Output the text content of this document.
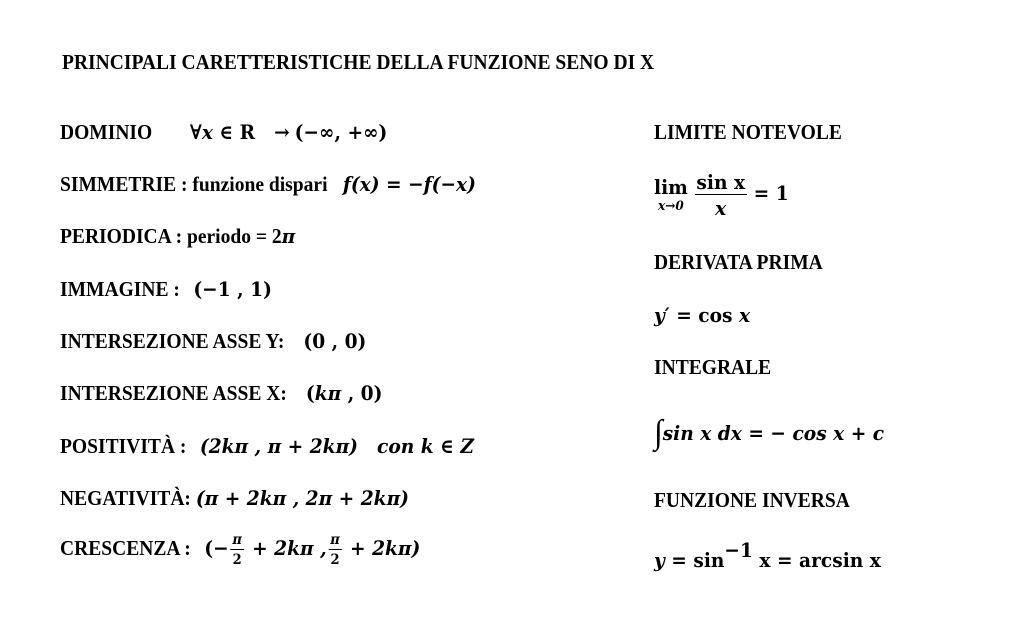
PRINCIPALI CARETTERISTICHE DELLA FUNZIONE SENO DI X
DOMINIO ∀x ∈ R → (−∞, +∞)
SIMMETRIE : funzione dispari f(x) = −f(−x)
PERIODICA : periodo = 2π
IMMAGINE : (−1 , 1)
INTERSEZIONE ASSE Y: (0 , 0)
INTERSEZIONE ASSE X: (kπ , 0)
POSITIVITÀ : (2kπ , π + 2kπ) con k ∈ Z
NEGATIVITÀ: (π + 2kπ , 2π + 2kπ)
CRESCENZA : (− $\frac{\pi}{2} + 2k\pi$ , $\frac{\pi}{2} + 2k\pi$)
LIMITE NOTEVOLE
lim
x→0
$\frac{\text{sin x}}{x} = 1$
DERIVATA PRIMA
y′ = cos x
INTEGRALE
∫sin x dx = − cos x + c
FUNZIONE INVERSA
$y = \sin^{-1} x = \arcsin x$
